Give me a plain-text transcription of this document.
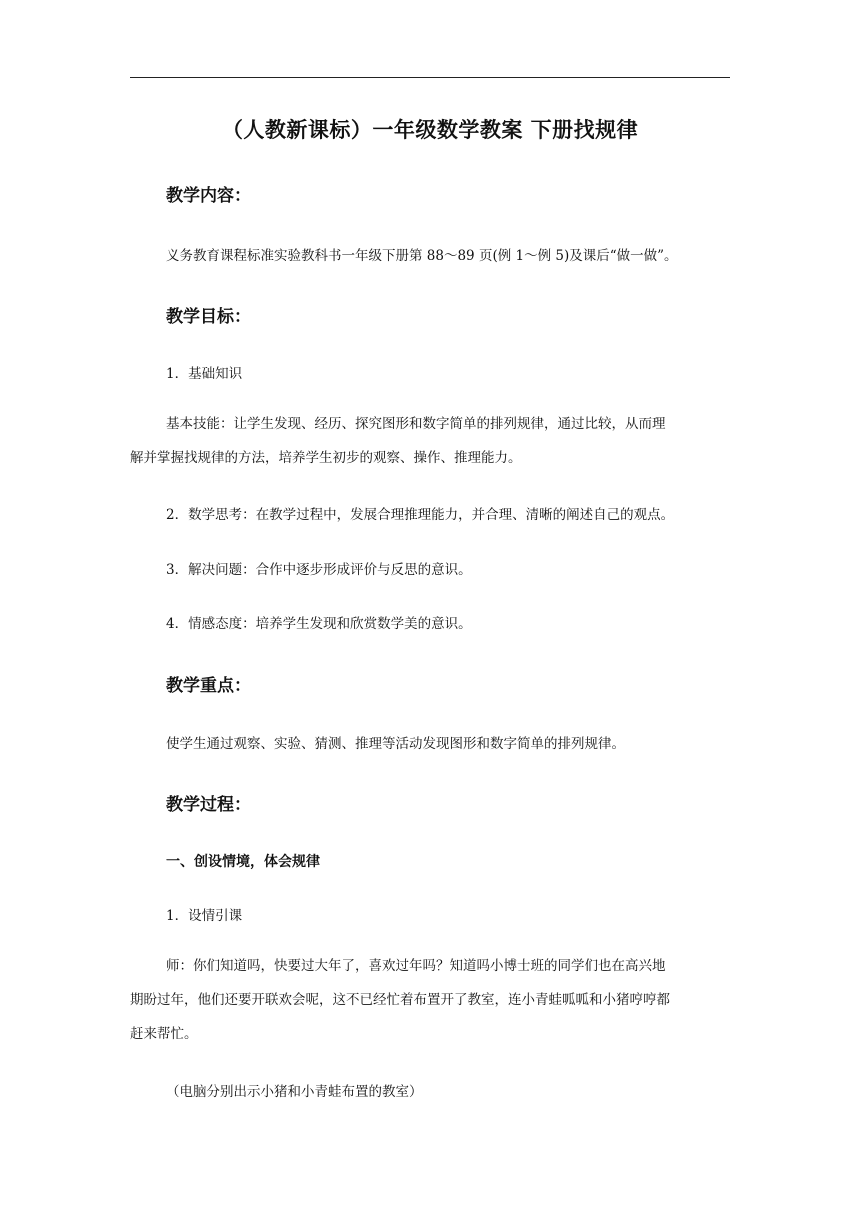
（人教新课标）一年级数学教案 下册找规律
教学内容：
义务教育课程标准实验教科书一年级下册第 88～89 页(例 1～例 5)及课后“做一做”。
教学目标：
1．基础知识
基本技能：让学生发现、经历、探究图形和数字简单的排列规律，通过比较，从而理
解并掌握找规律的方法，培养学生初步的观察、操作、推理能力。
2．数学思考：在教学过程中，发展合理推理能力，并合理、清晰的阐述自己的观点。
3．解决问题：合作中逐步形成评价与反思的意识。
4．情感态度：培养学生发现和欣赏数学美的意识。
教学重点：
使学生通过观察、实验、猜测、推理等活动发现图形和数字简单的排列规律。
教学过程：
一、创设情境，体会规律
1．设情引课
师：你们知道吗，快要过大年了，喜欢过年吗？知道吗小博士班的同学们也在高兴地
期盼过年，他们还要开联欢会呢，这不已经忙着布置开了教室，连小青蛙呱呱和小猪哼哼都
赶来帮忙。
（电脑分别出示小猪和小青蛙布置的教室）
